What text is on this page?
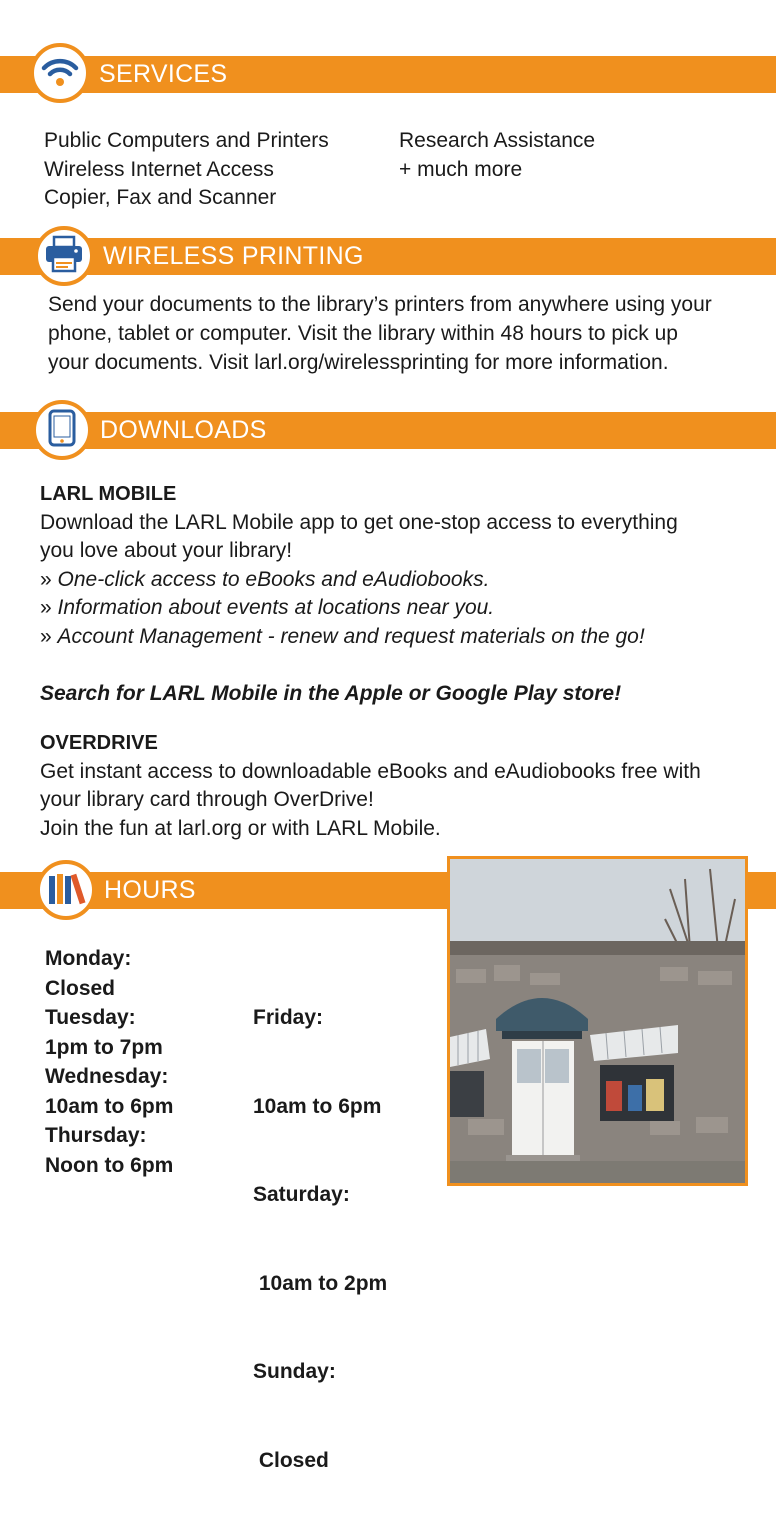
SERVICES
Public Computers and Printers
Wireless Internet Access
Copier, Fax and Scanner
Research Assistance
+ much more
WIRELESS PRINTING
Send your documents to the library’s printers from anywhere using your
phone, tablet or computer. Visit the library within 48 hours to pick up
your documents. Visit larl.org/wirelessprinting for more information.
DOWNLOADS
LARL MOBILE
Download the LARL Mobile app to get one-stop access to everything
you love about your library!
» One-click access to eBooks and eAudiobooks.
» Information about events at locations near you.
» Account Management - renew and request materials on the go!
Search for LARL Mobile in the Apple or Google Play store!
OVERDRIVE
Get instant access to downloadable eBooks and eAudiobooks free with
your library card through OverDrive!
Join the fun at larl.org or with LARL Mobile.
HOURS
Monday:
Closed
Tuesday:
1pm to 7pm
Wednesday:
10am to 6pm
Thursday:
Noon to 6pm

Friday:

10am to 6pm

Saturday:

10am to 2pm

Sunday:

Closed
